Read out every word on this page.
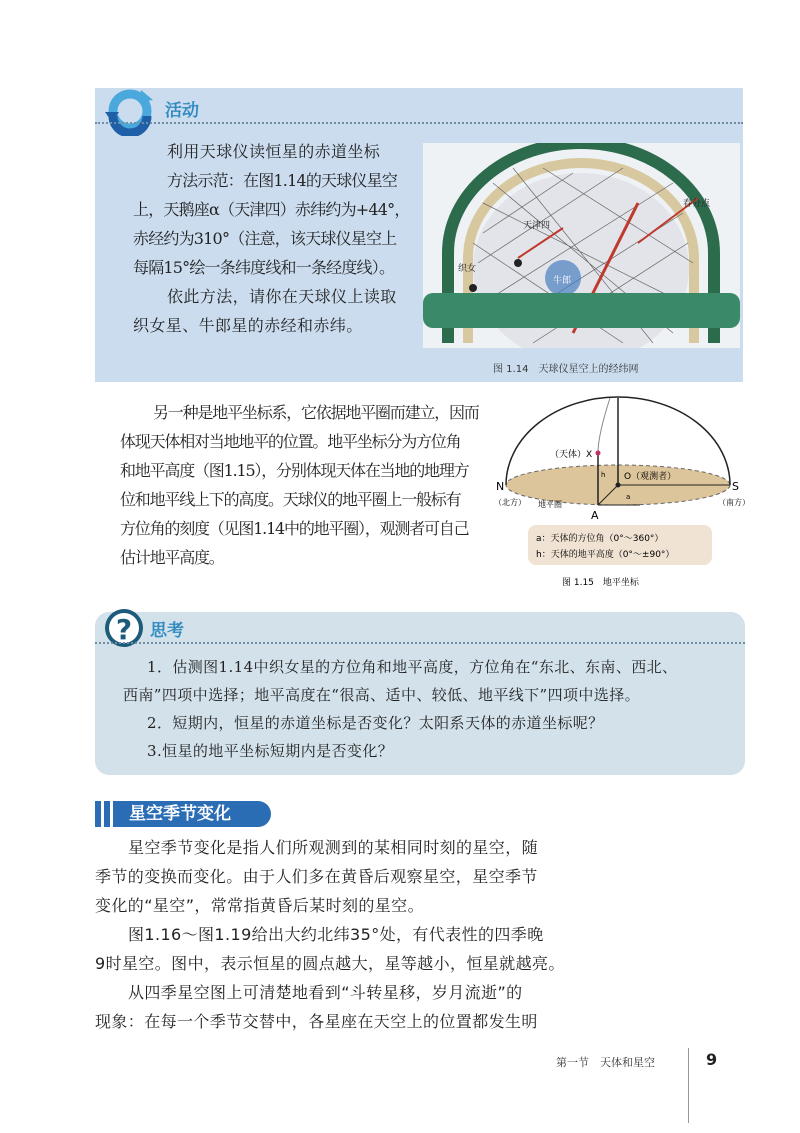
活动
利用天球仪读恒星的赤道坐标
方法示范：在图1.14的天球仪星空
上，天鹅座α（天津四）赤纬约为+44°，
赤经约为310°（注意，该天球仪星空上
每隔15°绘一条纬度线和一条经度线）。
依此方法，请你在天球仪上读取
织女星、牛郎星的赤经和赤纬。
图 1.14　天球仪星空上的经纬网
天津四
织女
牛郎
春分点
另一种是地平坐标系，它依据地平圈而建立，因而
体现天体相对当地地平的位置。地平坐标分为方位角
和地平高度（图1.15），分别体现天体在当地的地理方
位和地平线上下的高度。天球仪的地平圈上一般标有
方位角的刻度（见图1.14中的地平圈），观测者可自己
估计地平高度。
（天体）X
O（观测者）
N
（北方） 地平圈
S
（南方）
A
h
a
a：天体的方位角（0°～360°）
h：天体的地平高度（0°～±90°）
图 1.15　地平坐标
? 思考
1．估测图1.14中织女星的方位角和地平高度，方位角在“东北、东南、西北、
西南”四项中选择；地平高度在“很高、适中、较低、地平线下”四项中选择。
2．短期内，恒星的赤道坐标是否变化？太阳系天体的赤道坐标呢？
3.恒星的地平坐标短期内是否变化？
星空季节变化
星空季节变化是指人们所观测到的某相同时刻的星空，随
季节的变换而变化。由于人们多在黄昏后观察星空，星空季节
变化的“星空”，常常指黄昏后某时刻的星空。
图1.16～图1.19给出大约北纬35°处，有代表性的四季晚
9时星空。图中，表示恒星的圆点越大，星等越小，恒星就越亮。
从四季星空图上可清楚地看到“斗转星移，岁月流逝”的
现象：在每一个季节交替中，各星座在天空上的位置都发生明
第一节　天体和星空	9
